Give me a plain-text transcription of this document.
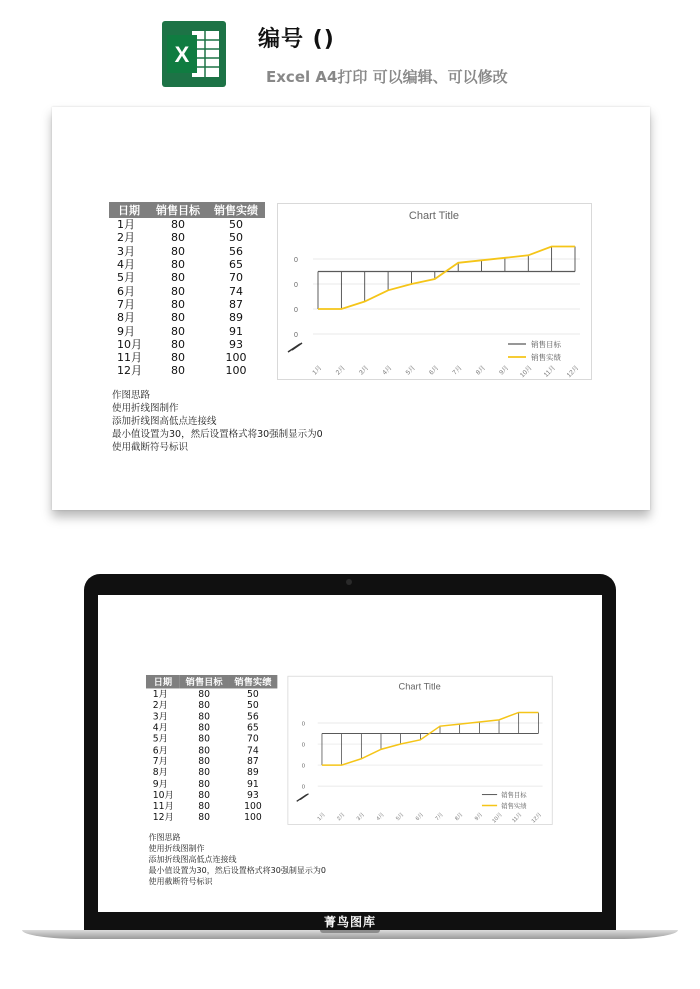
X
编号 ()
Excel A4打印 可以编辑、可以修改
日期	销售目标	销售实绩
1月	80	50
2月	80	50
3月	80	56
4月	80	65
5月	80	70
6月	80	74
7月	80	87
8月	80	89
9月	80	91
10月	80	93
11月	80	100
12月	80	100
Chart Title
0
0
0
0
1月 2月 3月 4月 5月 6月 7月 8月 9月 10月 11月 12月
销售目标
销售实绩
作图思路
使用折线图制作
添加折线图高低点连接线
最小值设置为30，然后设置格式将30强制显示为0
使用截断符号标识
日期	销售目标	销售实绩
1月	80	50
2月	80	50
3月	80	56
4月	80	65
5月	80	70
6月	80	74
7月	80	87
8月	80	89
9月	80	91
10月	80	93
11月	80	100
12月	80	100
Chart Title
0
0
0
0
1月 2月 3月 4月 5月 6月 7月 8月 9月 10月 11月 12月
销售目标
销售实绩
作图思路
使用折线图制作
添加折线图高低点连接线
最小值设置为30，然后设置格式将30强制显示为0
使用截断符号标识
菁鸟图库
